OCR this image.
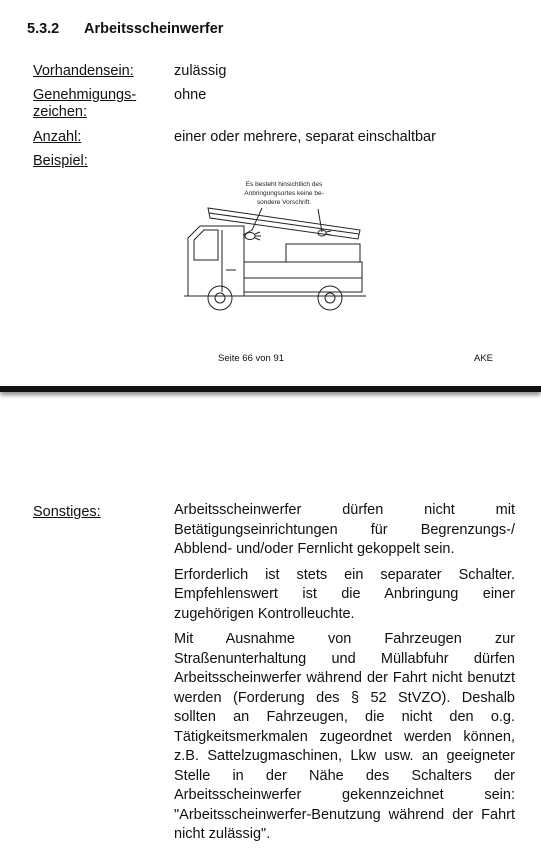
5.3.2 Arbeitsscheinwerfer
Vorhandensein:	zulässig
Genehmigungs-
zeichen:
ohne
Anzahl:	einer oder mehrere, separat einschaltbar
Beispiel:
Es besteht hinsichtlich des
Anbringungsortes keine be-
sondere Vorschrift.
Seite 66 von 91	AKE
Sonstiges:	Arbeitsscheinwerfer dürfen nicht mit Betätigungseinrichtungen für Begrenzungs-/ Abblend- und/oder Fernlicht gekoppelt sein.

Erforderlich ist stets ein separater Schalter. Empfehlenswert ist die Anbringung einer zugehörigen Kontrolleuchte.

Mit Ausnahme von Fahrzeugen zur Straßenunterhaltung und Müllabfuhr dürfen Arbeitsscheinwerfer während der Fahrt nicht benutzt werden (Forderung des § 52 StVZO). Deshalb sollten an Fahrzeugen, die nicht den o.g. Tätigkeitsmerkmalen zugeordnet werden können, z.B. Sattelzugmaschinen, Lkw usw. an geeigneter Stelle in der Nähe des Schalters der Arbeitsscheinwerfer gekennzeichnet sein: "Arbeitsscheinwerfer-Benutzung während der Fahrt nicht zulässig".
